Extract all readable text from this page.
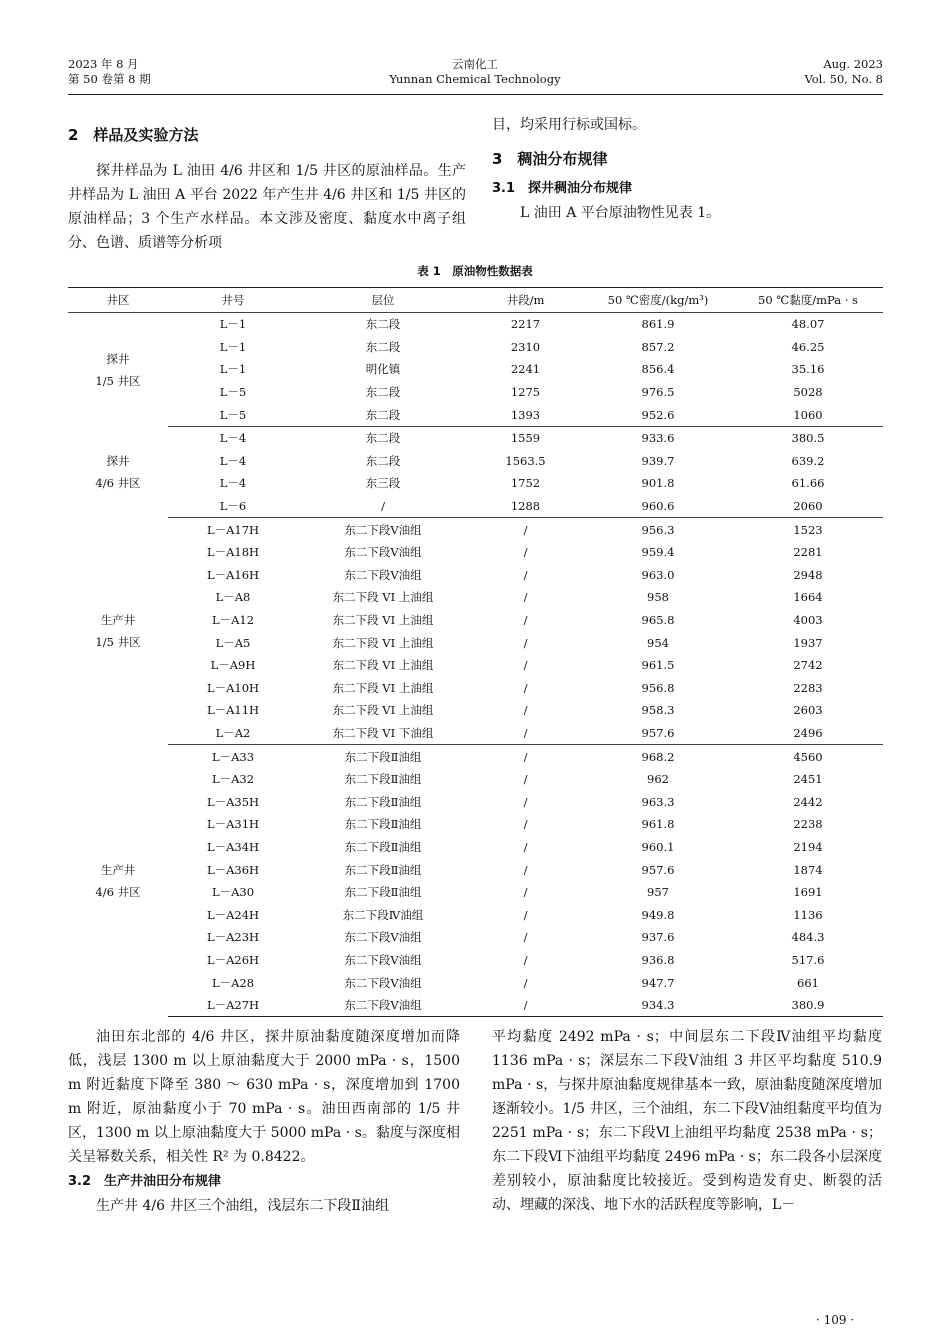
2023 年 8 月
第 50 卷第 8 期
云南化工
Yunnan Chemical Technology
Aug. 2023
Vol. 50, No. 8
2　样品及实验方法

探井样品为 L 油田 4/6 井区和 1/5 井区的原油样品。生产井样品为 L 油田 A 平台 2022 年产生井 4/6 井区和 1/5 井区的原油样品；3 个生产水样品。本文涉及密度、黏度水中离子组分、色谱、质谱等分析项

目，均采用行标或国标。
3　稠油分布规律
3.1　探井稠油分布规律

L 油田 A 平台原油物性见表 1。

表 1　原油物性数据表
井区	井号	层位	井段/m	50 ℃密度/(kg/m³)	50 ℃黏度/mPa · s

探井
1/5 井区	L－1	东二段	2217	861.9	48.07
	L－1	东二段	2310	857.2	46.25
	L－1	明化镇	2241	856.4	35.16
	L－5	东二段	1275	976.5	5028
	L－5	东二段	1393	952.6	1060

探井
4/6 井区	L－4	东二段	1559	933.6	380.5
	L－4	东二段	1563.5	939.7	639.2
	L－4	东三段	1752	901.8	61.66
	L－6	/	1288	960.6	2060

生产井
1/5 井区	L－A17H	东二下段Ⅴ油组	/	956.3	1523
	L－A18H	东二下段Ⅴ油组	/	959.4	2281
	L－A16H	东二下段Ⅴ油组	/	963.0	2948
	L－A8	东二下段 VI 上油组	/	958	1664
	L－A12	东二下段 VI 上油组	/	965.8	4003
	L－A5	东二下段 VI 上油组	/	954	1937
	L－A9H	东二下段 VI 上油组	/	961.5	2742
	L－A10H	东二下段 VI 上油组	/	956.8	2283
	L－A11H	东二下段 VI 上油组	/	958.3	2603
	L－A2	东二下段 VI 下油组	/	957.6	2496

生产井
4/6 井区	L－A33	东二下段Ⅱ油组	/	968.2	4560
	L－A32	东二下段Ⅱ油组	/	962	2451
	L－A35H	东二下段Ⅱ油组	/	963.3	2442
	L－A31H	东二下段Ⅱ油组	/	961.8	2238
	L－A34H	东二下段Ⅱ油组	/	960.1	2194
	L－A36H	东二下段Ⅱ油组	/	957.6	1874
	L－A30	东二下段Ⅱ油组	/	957	1691
	L－A24H	东二下段Ⅳ油组	/	949.8	1136
	L－A23H	东二下段Ⅴ油组	/	937.6	484.3
	L－A26H	东二下段Ⅴ油组	/	936.8	517.6
	L－A28	东二下段Ⅴ油组	/	947.7	661
	L－A27H	东二下段Ⅴ油组	/	934.3	380.9

油田东北部的 4/6 井区，探井原油黏度随深度增加而降低，浅层 1300 m 以上原油黏度大于 2000 mPa · s，1500 m 附近黏度下降至 380 ～ 630 mPa · s，深度增加到 1700 m 附近，原油黏度小于 70 mPa · s。油田西南部的 1/5 井区，1300 m 以上原油黏度大于 5000 mPa · s。黏度与深度相关呈幂数关系，相关性 R² 为 0.8422。

3.2　生产井油田分布规律

生产井 4/6 井区三个油组，浅层东二下段Ⅱ油组

平均黏度 2492 mPa · s；中间层东二下段Ⅳ油组平均黏度 1136 mPa · s；深层东二下段Ⅴ油组 3 井区平均黏度 510.9 mPa · s，与探井原油黏度规律基本一致，原油黏度随深度增加逐渐较小。1/5 井区，三个油组，东二下段Ⅴ油组黏度平均值为 2251 mPa · s；东二下段Ⅵ上油组平均黏度 2538 mPa · s；东二下段Ⅵ下油组平均黏度 2496 mPa · s；东二段各小层深度差别较小，原油黏度比较接近。受到构造发育史、断裂的活动、埋藏的深浅、地下水的活跃程度等影响，L－

· 109 ·
